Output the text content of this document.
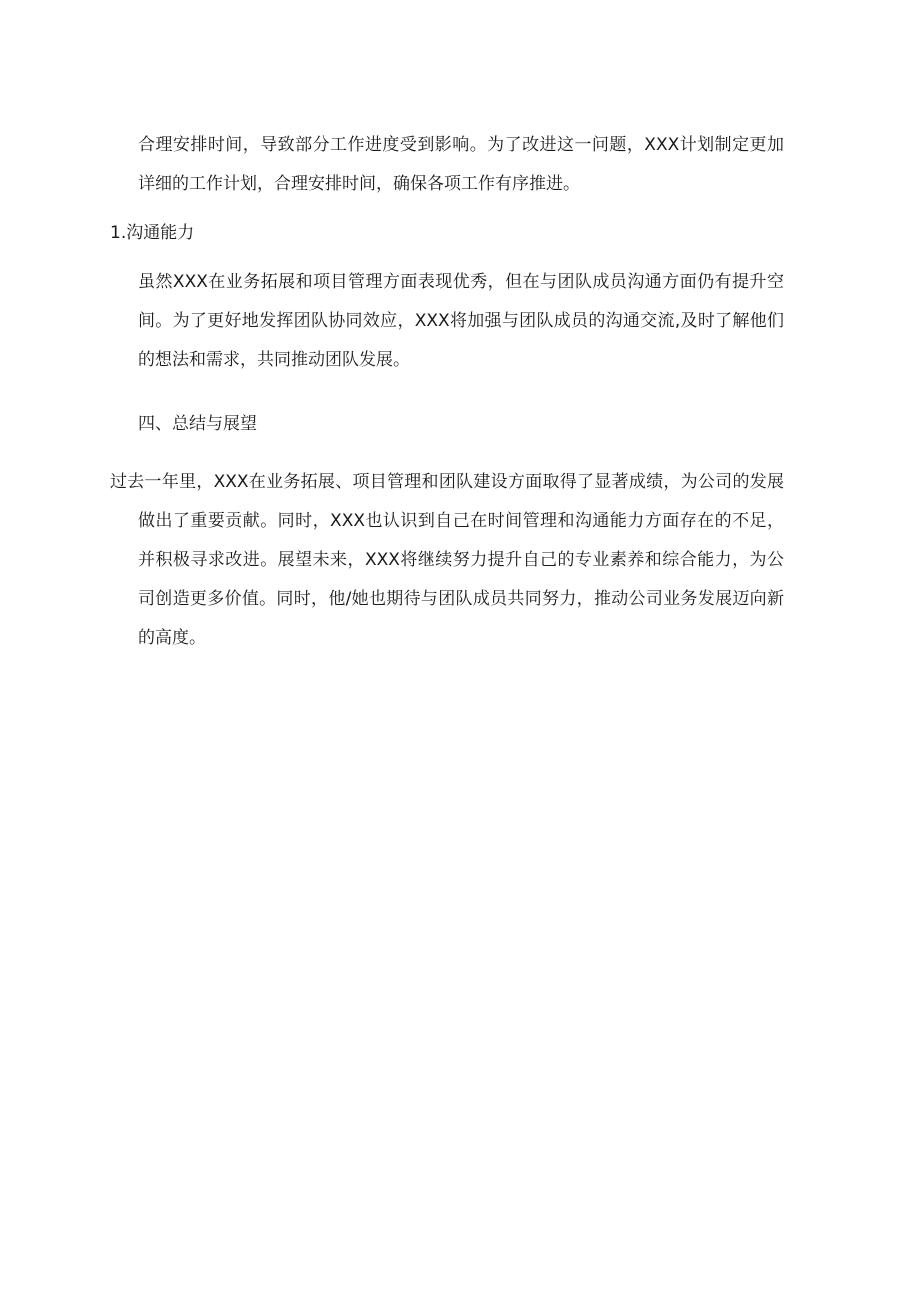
合理安排时间，导致部分工作进度受到影响。为了改进这一问题，XXX计划制定更加详细的工作计划，合理安排时间，确保各项工作有序推进。

1.沟通能力

虽然XXX在业务拓展和项目管理方面表现优秀，但在与团队成员沟通方面仍有提升空间。为了更好地发挥团队协同效应，XXX将加强与团队成员的沟通交流,及时了解他们的想法和需求，共同推动团队发展。

四、总结与展望

过去一年里，XXX在业务拓展、项目管理和团队建设方面取得了显著成绩，为公司的发展做出了重要贡献。同时，XXX也认识到自己在时间管理和沟通能力方面存在的不足，并积极寻求改进。展望未来，XXX将继续努力提升自己的专业素养和综合能力，为公司创造更多价值。同时，他/她也期待与团队成员共同努力，推动公司业务发展迈向新的高度。
